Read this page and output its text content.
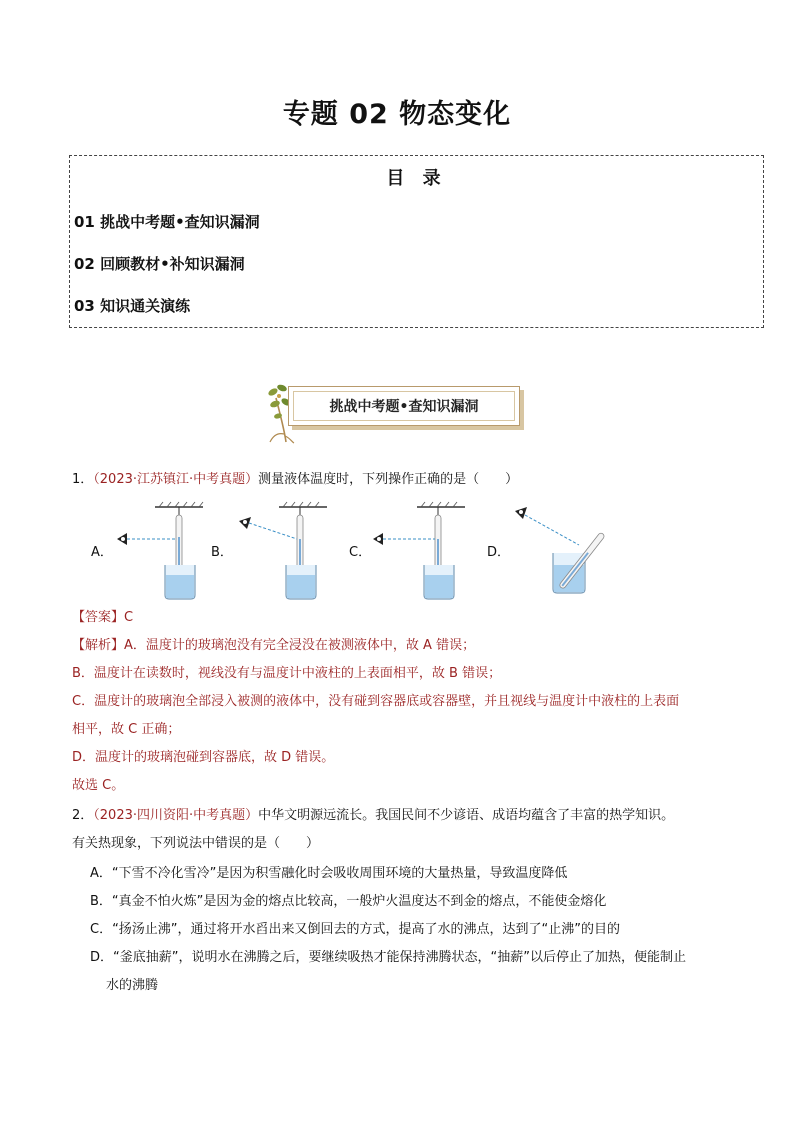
专题 02 物态变化
目 录
01 挑战中考题•查知识漏洞
02 回顾教材•补知识漏洞
03 知识通关演练
挑战中考题•查知识漏洞
1．（2023·江苏镇江·中考真题）测量液体温度时，下列操作正确的是（　　）
A．	B．	C．	D．
【答案】C
【解析】A．温度计的玻璃泡没有完全浸没在被测液体中，故 A 错误；
B．温度计在读数时，视线没有与温度计中液柱的上表面相平，故 B 错误；
C．温度计的玻璃泡全部浸入被测的液体中，没有碰到容器底或容器壁，并且视线与温度计中液柱的上表面
相平，故 C 正确；
D．温度计的玻璃泡碰到容器底，故 D 错误。
故选 C。
2．（2023·四川资阳·中考真题）中华文明源远流长。我国民间不少谚语、成语均蕴含了丰富的热学知识。
有关热现象，下列说法中错误的是（　　）
A．“下雪不冷化雪冷”是因为积雪融化时会吸收周围环境的大量热量，导致温度降低
B．“真金不怕火炼”是因为金的熔点比较高，一般炉火温度达不到金的熔点，不能使金熔化
C．“扬汤止沸”，通过将开水舀出来又倒回去的方式，提高了水的沸点，达到了“止沸”的目的
D．“釜底抽薪”，说明水在沸腾之后，要继续吸热才能保持沸腾状态，“抽薪”以后停止了加热，便能制止
水的沸腾
